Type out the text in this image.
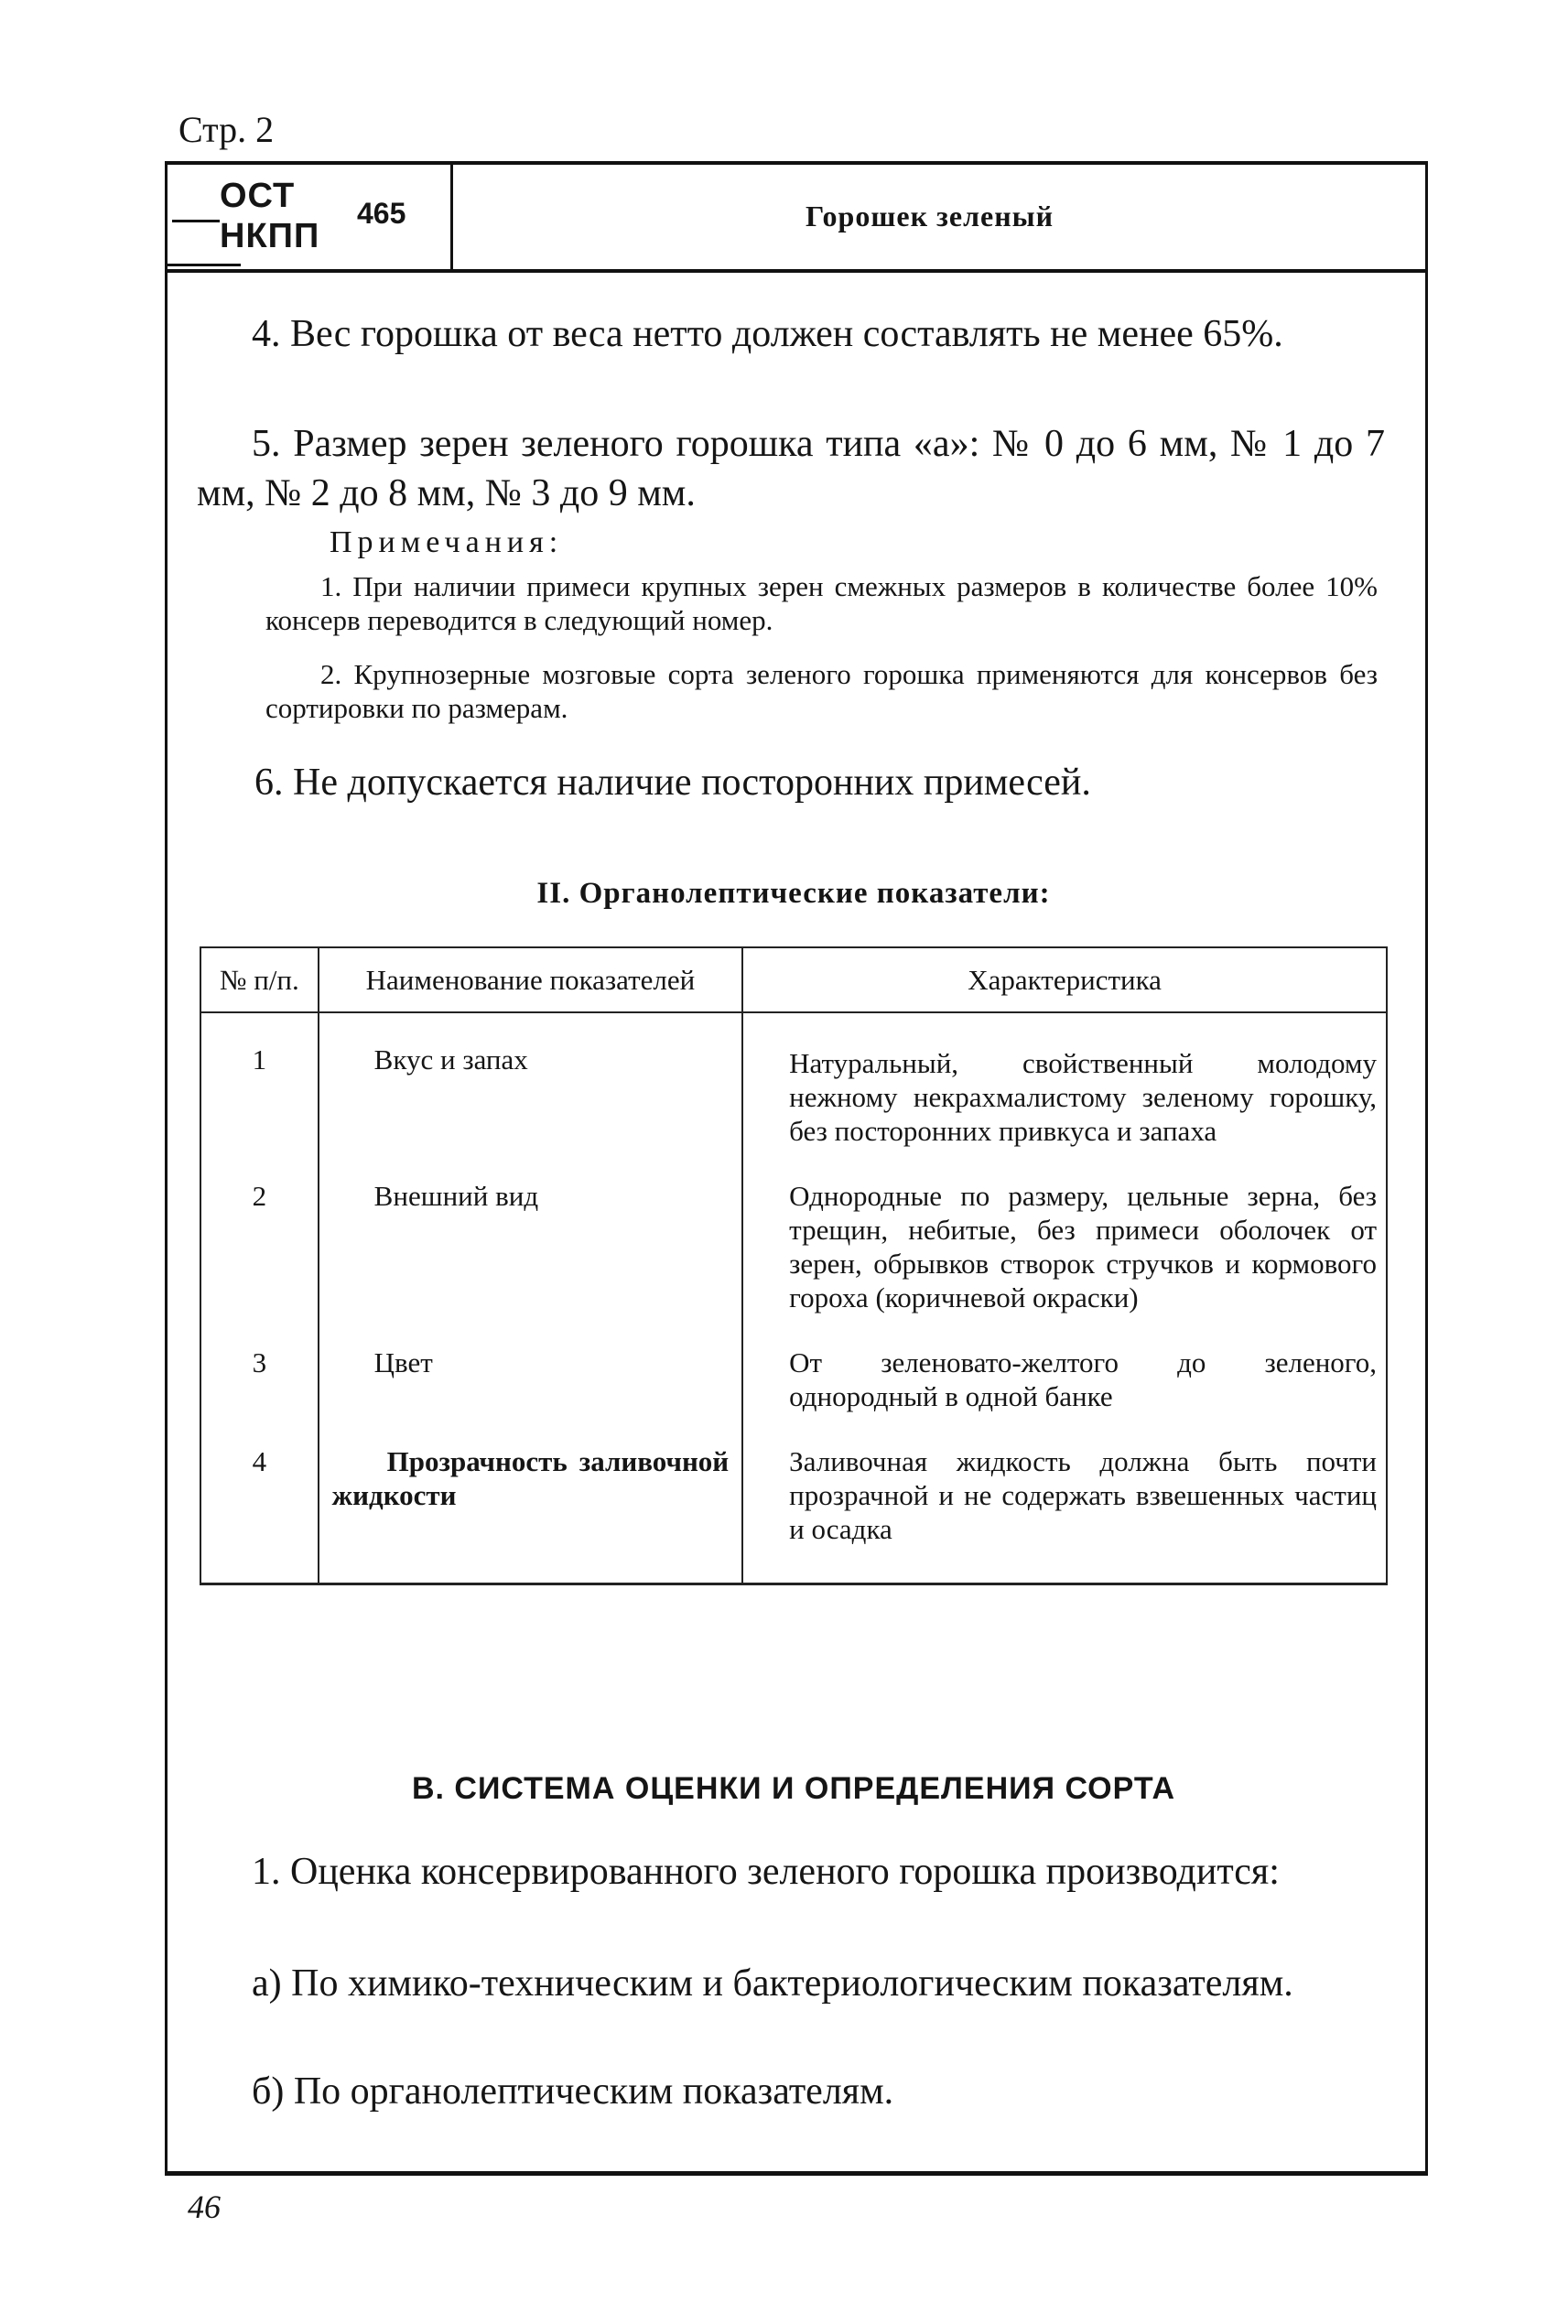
Стр. 2
ОСТ
НКПП
465	Горошек зеленый
4. Вес горошка от веса нетто должен составлять не менее 65%.
5. Размер зерен зеленого горошка типа «а»: № 0 до 6 мм, № 1 до 7 мм, № 2 до 8 мм, № 3 до 9 мм.
Примечания:
1. При наличии примеси крупных зерен смежных размеров в количестве более 10% консерв переводится в следующий номер.
2. Крупнозерные мозговые сорта зеленого горошка применяются для консервов без сортировки по размерам.
6. Не допускается наличие посторонних примесей.
II. Органолептические показатели:
№ п/п.	Наименование показателей	Характеристика
1	Вкус и запах	Натуральный, свойственный молодому нежному некрахмалистому зеленому горошку, без посторонних привкуса и запаха
2	Внешний вид	Однородные по размеру, цельные зерна, без трещин, небитые, без примеси оболочек от зерен, обрывков створок стручков и кормового гороха (коричневой окраски)
3	Цвет	От зеленовато-желтого до зеленого, однородный в одной банке
4	Прозрачность заливочной жидкости	Заливочная жидкость должна быть почти прозрачной и не содержать взвешенных частиц и осадка
В. СИСТЕМА ОЦЕНКИ И ОПРЕДЕЛЕНИЯ СОРТА
1. Оценка консервированного зеленого горошка производится:
а) По химико-техническим и бактериологическим показателям.
б) По органолептическим показателям.
46
